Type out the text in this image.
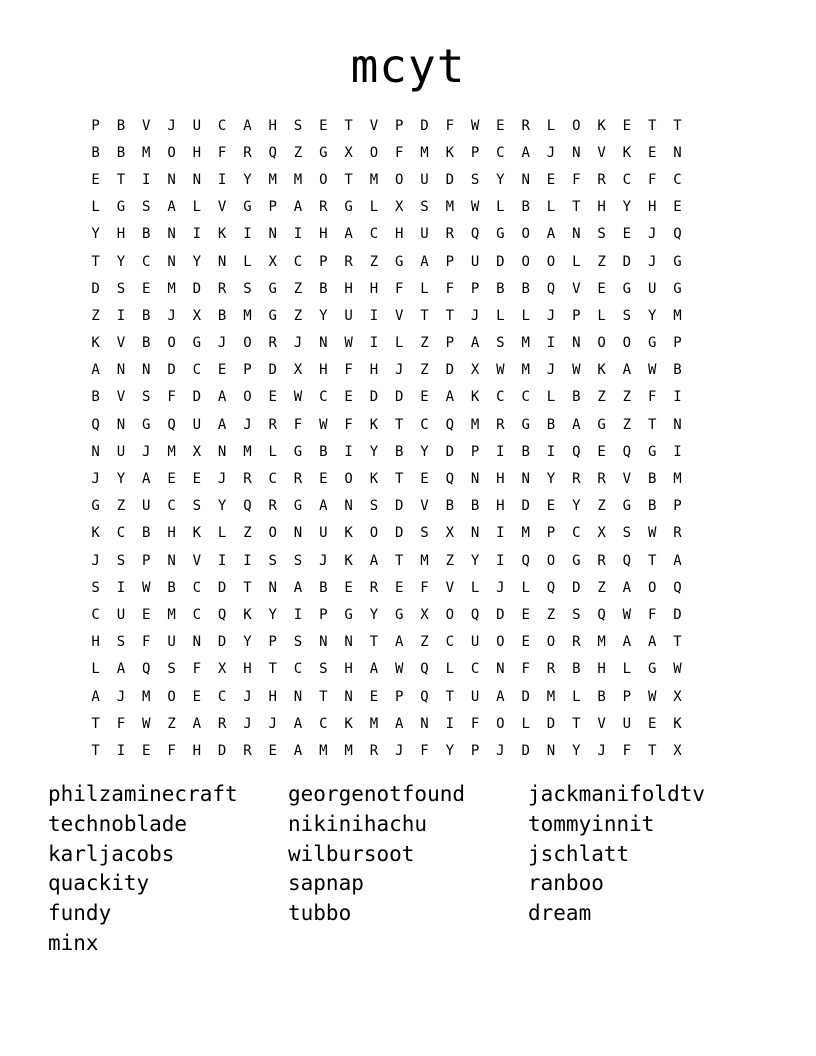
mcyt
P	B	V	J	U	C	A	H	S	E	T	V	P	D	F	W	E	R	L	O	K	E	T	T
B	B	M	O	H	F	R	Q	Z	G	X	O	F	M	K	P	C	A	J	N	V	K	E	N
E	T	I	N	N	I	Y	M	M	O	T	M	O	U	D	S	Y	N	E	F	R	C	F	C
L	G	S	A	L	V	G	P	A	R	G	L	X	S	M	W	L	B	L	T	H	Y	H	E
Y	H	B	N	I	K	I	N	I	H	A	C	H	U	R	Q	G	O	A	N	S	E	J	Q
T	Y	C	N	Y	N	L	X	C	P	R	Z	G	A	P	U	D	O	O	L	Z	D	J	G
D	S	E	M	D	R	S	G	Z	B	H	H	F	L	F	P	B	B	Q	V	E	G	U	G
Z	I	B	J	X	B	M	G	Z	Y	U	I	V	T	T	J	L	L	J	P	L	S	Y	M
K	V	B	O	G	J	O	R	J	N	W	I	L	Z	P	A	S	M	I	N	O	O	G	P
A	N	N	D	C	E	P	D	X	H	F	H	J	Z	D	X	W	M	J	W	K	A	W	B
B	V	S	F	D	A	O	E	W	C	E	D	D	E	A	K	C	C	L	B	Z	Z	F	I
Q	N	G	Q	U	A	J	R	F	W	F	K	T	C	Q	M	R	G	B	A	G	Z	T	N
N	U	J	M	X	N	M	L	G	B	I	Y	B	Y	D	P	I	B	I	Q	E	Q	G	I
J	Y	A	E	E	J	R	C	R	E	O	K	T	E	Q	N	H	N	Y	R	R	V	B	M
G	Z	U	C	S	Y	Q	R	G	A	N	S	D	V	B	B	H	D	E	Y	Z	G	B	P
K	C	B	H	K	L	Z	O	N	U	K	O	D	S	X	N	I	M	P	C	X	S	W	R
J	S	P	N	V	I	I	S	S	J	K	A	T	M	Z	Y	I	Q	O	G	R	Q	T	A
S	I	W	B	C	D	T	N	A	B	E	R	E	F	V	L	J	L	Q	D	Z	A	O	Q
C	U	E	M	C	Q	K	Y	I	P	G	Y	G	X	O	Q	D	E	Z	S	Q	W	F	D
H	S	F	U	N	D	Y	P	S	N	N	T	A	Z	C	U	O	E	O	R	M	A	A	T
L	A	Q	S	F	X	H	T	C	S	H	A	W	Q	L	C	N	F	R	B	H	L	G	W
A	J	M	O	E	C	J	H	N	T	N	E	P	Q	T	U	A	D	M	L	B	P	W	X
T	F	W	Z	A	R	J	J	A	C	K	M	A	N	I	F	O	L	D	T	V	U	E	K
T	I	E	F	H	D	R	E	A	M	M	R	J	F	Y	P	J	D	N	Y	J	F	T	X
philzaminecraft	georgenotfound	jackmanifoldtv
technoblade	nikinihachu	tommyinnit
karljacobs	wilbursoot	jschlatt
quackity	sapnap	ranboo
fundy	tubbo	dream
minx
